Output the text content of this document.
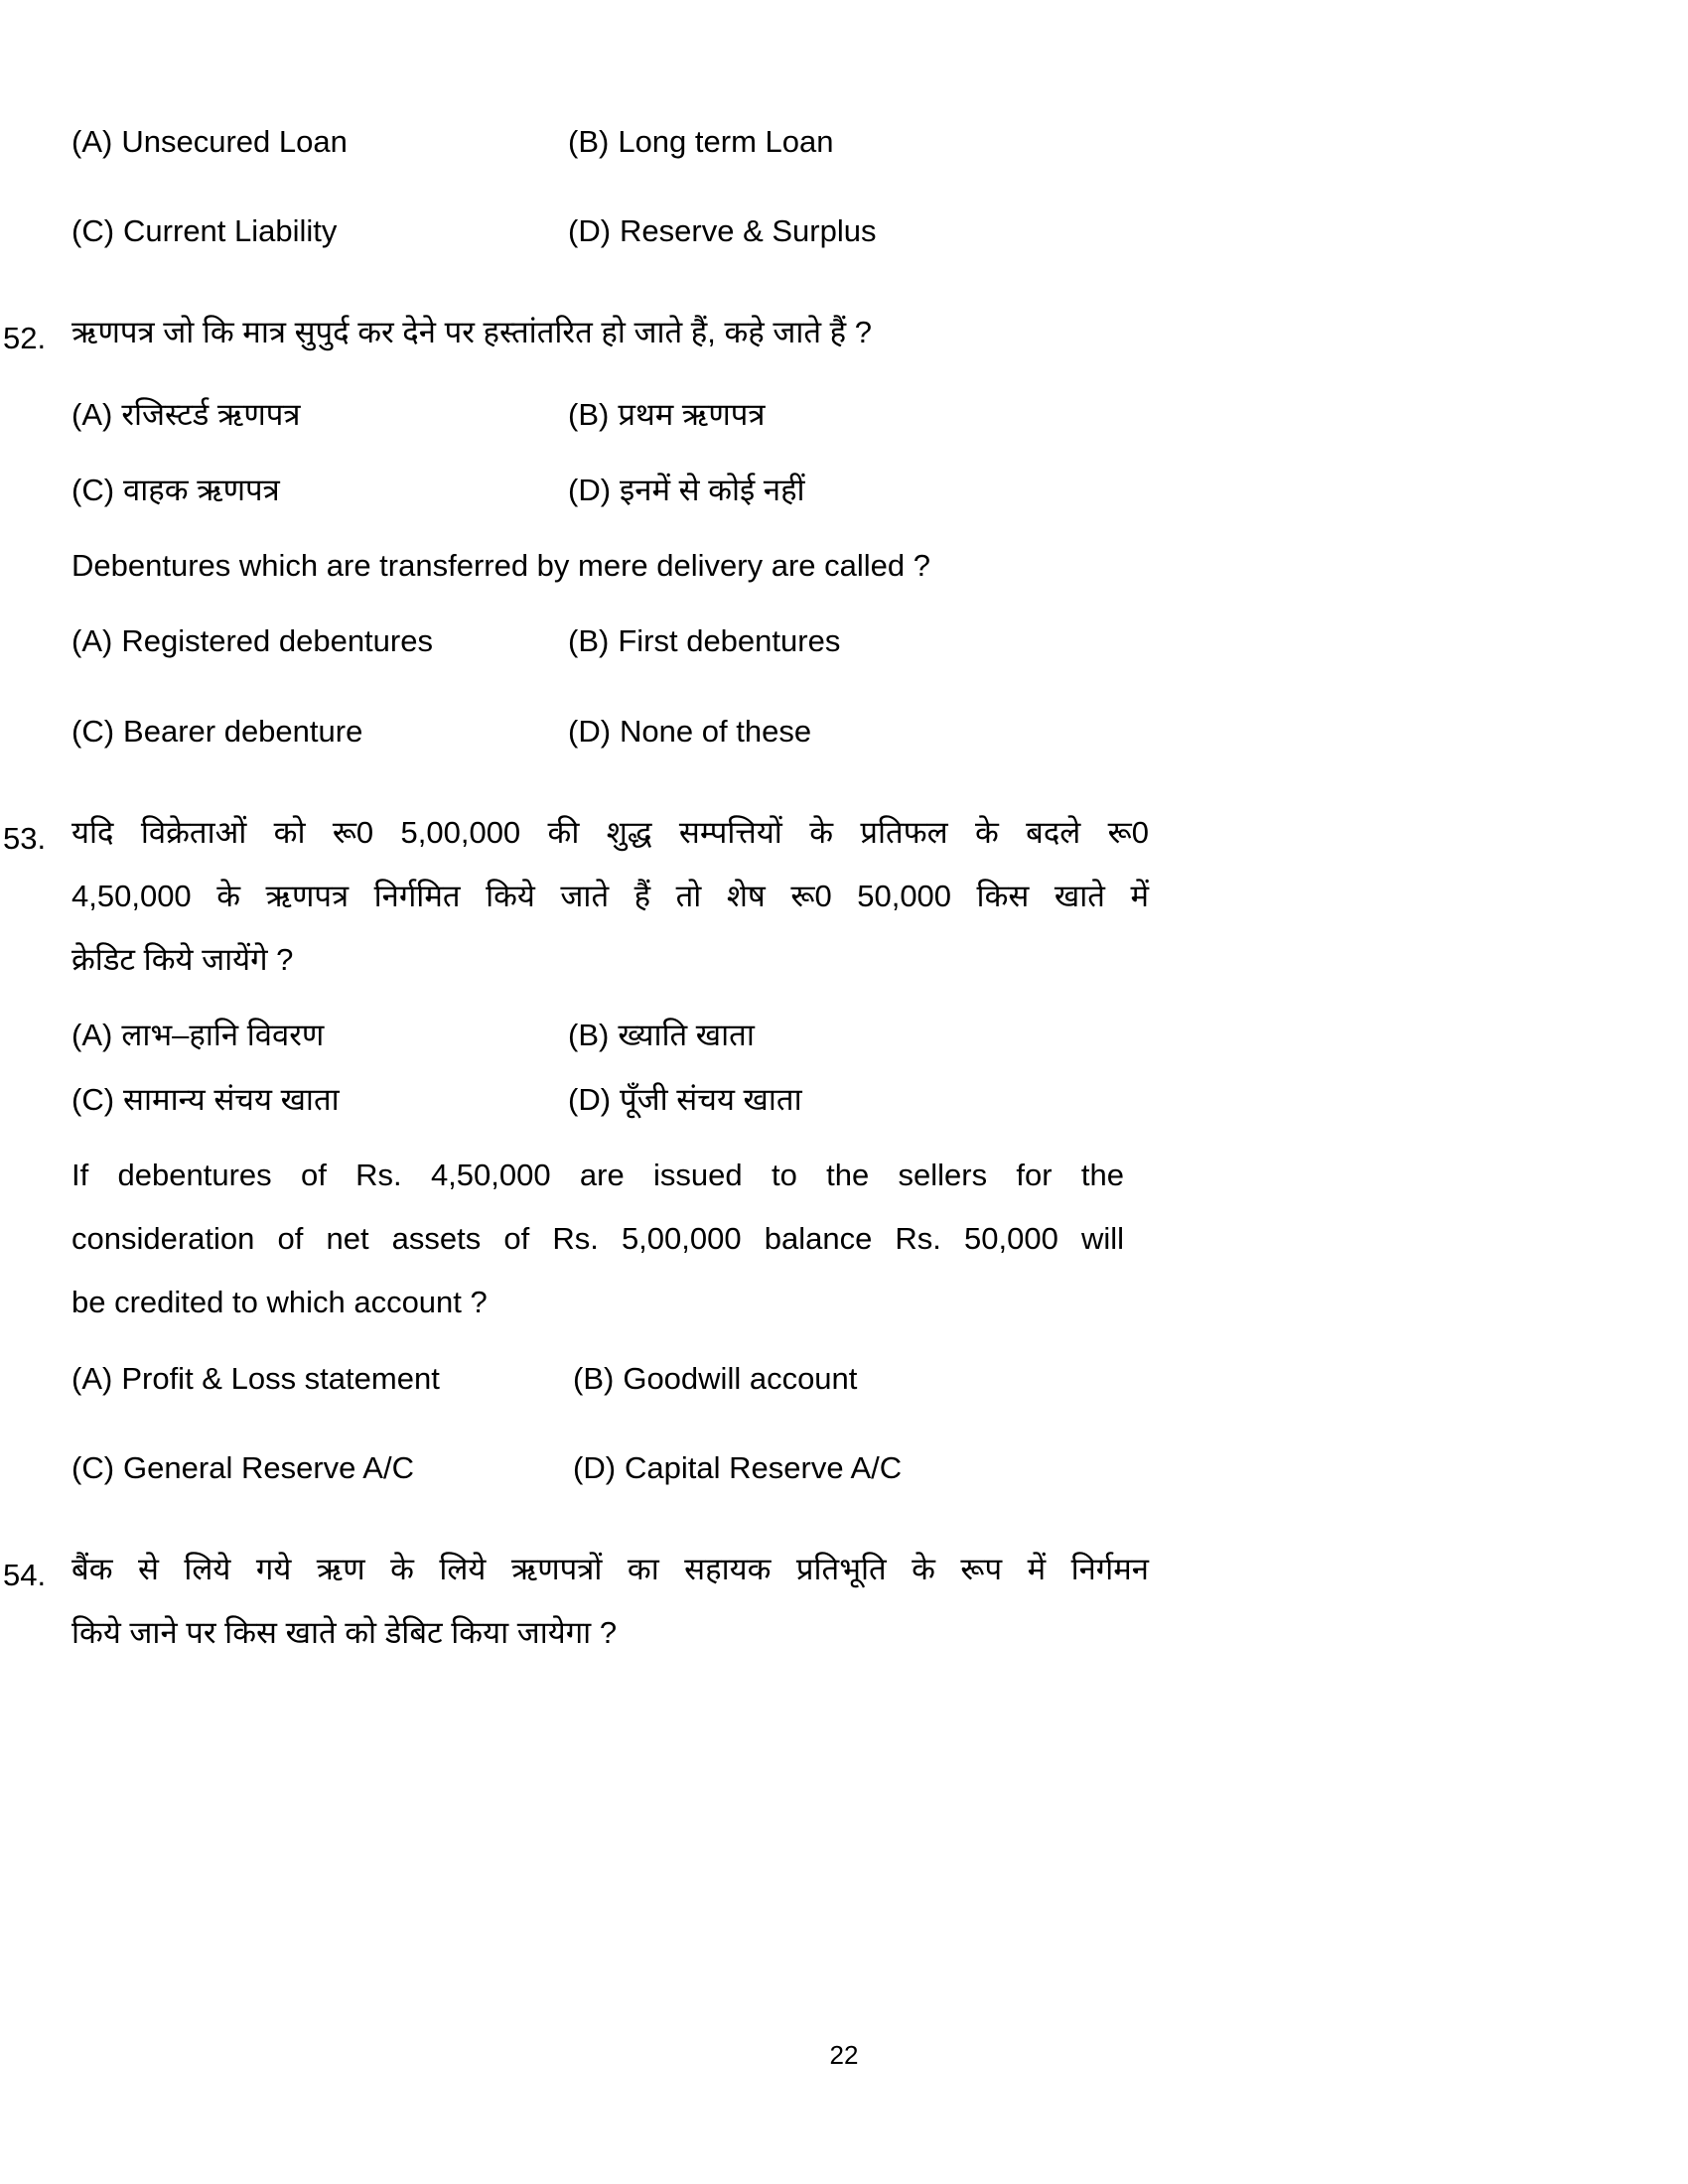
(A) Unsecured Loan	(B) Long term Loan
(C) Current Liability	(D) Reserve & Surplus
52. ऋणपत्र जो कि मात्र सुपुर्द कर देने पर हस्तांतरित हो जाते हैं, कहे जाते हैं ?
(A) रजिस्टर्ड ऋणपत्र	(B) प्रथम ऋणपत्र
(C) वाहक ऋणपत्र	(D) इनमें से कोई नहीं
Debentures which are transferred by mere delivery are called ?
(A) Registered debentures	(B) First debentures
(C) Bearer debenture	(D) None of these
53. यदि विक्रेताओं को रू0 5,00,000 की शुद्ध सम्पत्तियों के प्रतिफल के बदले रू0
4,50,000 के ऋणपत्र निर्गमित किये जाते हैं तो शेष रू0 50,000 किस खाते में
क्रेडिट किये जायेंगे ?
(A) लाभ–हानि विवरण	(B) ख्याति खाता
(C) सामान्य संचय खाता	(D) पूँजी संचय खाता
If debentures of Rs. 4,50,000 are issued to the sellers for the
consideration of net assets of Rs. 5,00,000 balance Rs. 50,000 will
be credited to which account ?
(A) Profit & Loss statement	(B) Goodwill account
(C) General Reserve A/C	(D) Capital Reserve A/C
54. बैंक से लिये गये ऋण के लिये ऋणपत्रों का सहायक प्रतिभूति के रूप में निर्गमन
किये जाने पर किस खाते को डेबिट किया जायेगा ?
22
